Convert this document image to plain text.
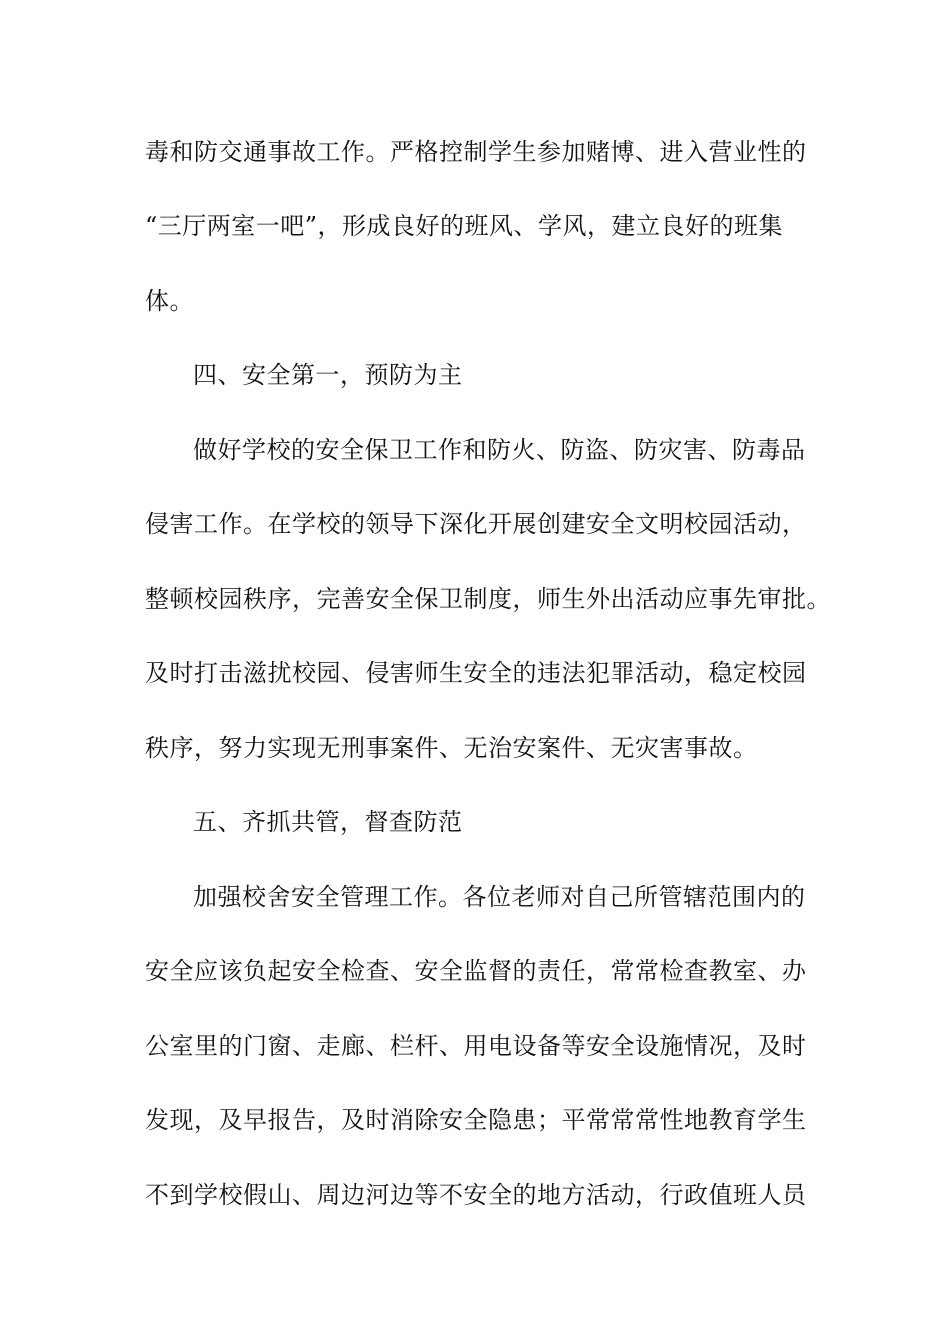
毒和防交通事故工作。严格控制学生参加赌博、进入营业性的
“三厅两室一吧”，形成良好的班风、学风，建立良好的班集
体。
四、安全第一，预防为主
做好学校的安全保卫工作和防火、防盗、防灾害、防毒品
侵害工作。在学校的领导下深化开展创建安全文明校园活动，
整顿校园秩序，完善安全保卫制度，师生外出活动应事先审批。
及时打击滋扰校园、侵害师生安全的违法犯罪活动，稳定校园
秩序，努力实现无刑事案件、无治安案件、无灾害事故。
五、齐抓共管，督查防范
加强校舍安全管理工作。各位老师对自己所管辖范围内的
安全应该负起安全检查、安全监督的责任，常常检查教室、办
公室里的门窗、走廊、栏杆、用电设备等安全设施情况，及时
发现，及早报告，及时消除安全隐患；平常常常性地教育学生
不到学校假山、周边河边等不安全的地方活动，行政值班人员
